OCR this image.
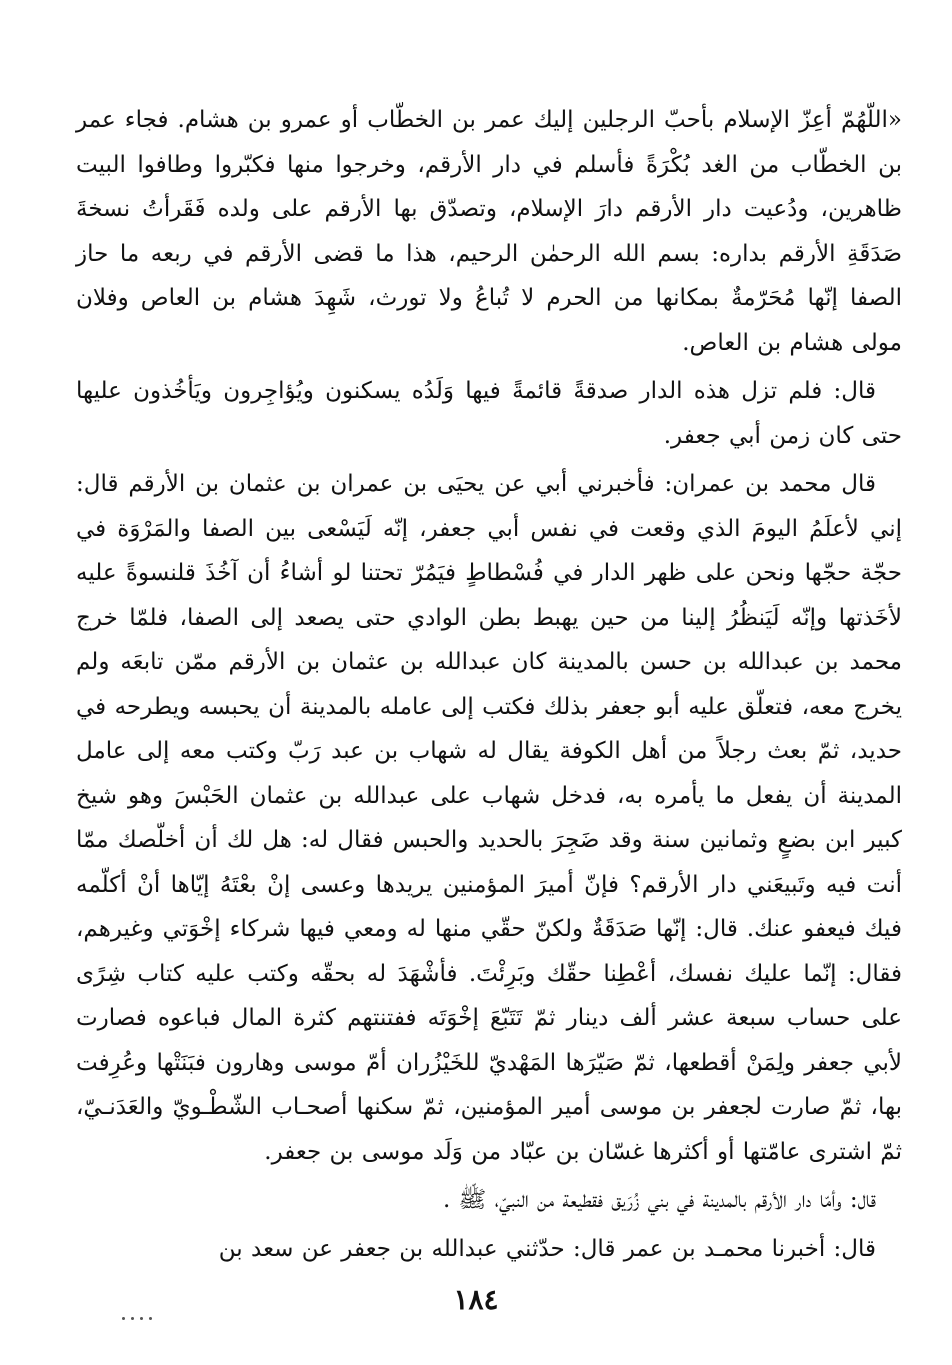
«اللّهُمّ أعِزّ الإسلام بأحبّ الرجلين إليك عمر بن الخطّاب أو عمرو بن هشام. فجاء عمر بن الخطّاب من الغد بُكْرَةً فأسلم في دار الأرقم، وخرجوا منها فكبّروا وطافوا البيت ظاهرين، ودُعيت دار الأرقم دارَ الإسلام، وتصدّق بها الأرقم على ولده فَقَرأتُ نسخةَ صَدَقَةِ الأرقم بداره: بسم الله الرحمٰن الرحيم، هذا ما قضى الأرقم في ربعه ما حاز الصفا إنّها مُحَرّمةٌ بمكانها من الحرم لا تُباعُ ولا تورث، شَهِدَ هشام بن العاص وفلان مولى هشام بن العاص.

قال: فلم تزل هذه الدار صدقةً قائمةً فيها وَلَدُه يسكنون ويُؤاجِرون ويَأخُذون عليها حتى كان زمن أبي جعفر.

قال محمد بن عمران: فأخبرني أبي عن يحيَى بن عمران بن عثمان بن الأرقم قال: إني لأعلَمُ اليومَ الذي وقعت في نفس أبي جعفر، إنّه لَيَسْعى بين الصفا والمَرْوَة في حجّة حجّها ونحن على ظهر الدار في فُسْطاطٍ فيَمُرّ تحتنا لو أشاءُ أن آخُذَ قلنسوةً عليه لأخَذتها وإنّه لَيَنظُرُ إلينا من حين يهبط بطن الوادي حتى يصعد إلى الصفا، فلمّا خرج محمد بن عبدالله بن حسن بالمدينة كان عبدالله بن عثمان بن الأرقم ممّن تابعَه ولم يخرج معه، فتعلّق عليه أبو جعفر بذلك فكتب إلى عامله بالمدينة أن يحبسه ويطرحه في حديد، ثمّ بعث رجلاً من أهل الكوفة يقال له شهاب بن عبد رَبّ وكتب معه إلى عامل المدينة أن يفعل ما يأمره به، فدخل شهاب على عبدالله بن عثمان الحَبْسَ وهو شيخ كبير ابن بضعٍ وثمانين سنة وقد ضَجِرَ بالحديد والحبس فقال له: هل لك أن أخلّصك ممّا أنت فيه وتَبيعَني دار الأرقم؟ فإنّ أميرَ المؤمنين يريدها وعسى إنْ بعْتَهُ إيّاها أنْ أكلّمه فيك فيعفو عنك. قال: إنّها صَدَقَةٌ ولكنّ حقّي منها له ومعي فيها شركاء إخْوَتي وغيرهم، فقال: إنّما عليك نفسك، أعْطِنا حقّك وبَرِئْتَ. فأشْهَدَ له بحقّه وكتب عليه كتاب شِرًى على حساب سبعة عشر ألف دينار ثمّ تَتَبّعَ إخْوَتَه ففتنتهم كثرة المال فباعوه فصارت لأبي جعفر ولِمَنْ أقطعها، ثمّ صَيّرَها المَهْديّ للخَيْزُران أمّ موسى وهارون فبَنَتْها وعُرِفت بها، ثمّ صارت لجعفر بن موسى أمير المؤمنين، ثمّ سكنها أصحـاب الشّطْـويّ والعَدَنـيّ، ثمّ اشترى عامّتها أو أكثرها غسّان بن عبّاد من وَلَد موسى بن جعفر.

قال: وأمّا دار الأرقم بالمدينة في بني زُرَيق فقطيعة من النبيّ، ﷺ .

قال: أخبرنا محمـد بن عمر قال: حدّثني عبدالله بن جعفر عن سعد بن

١٨٤
